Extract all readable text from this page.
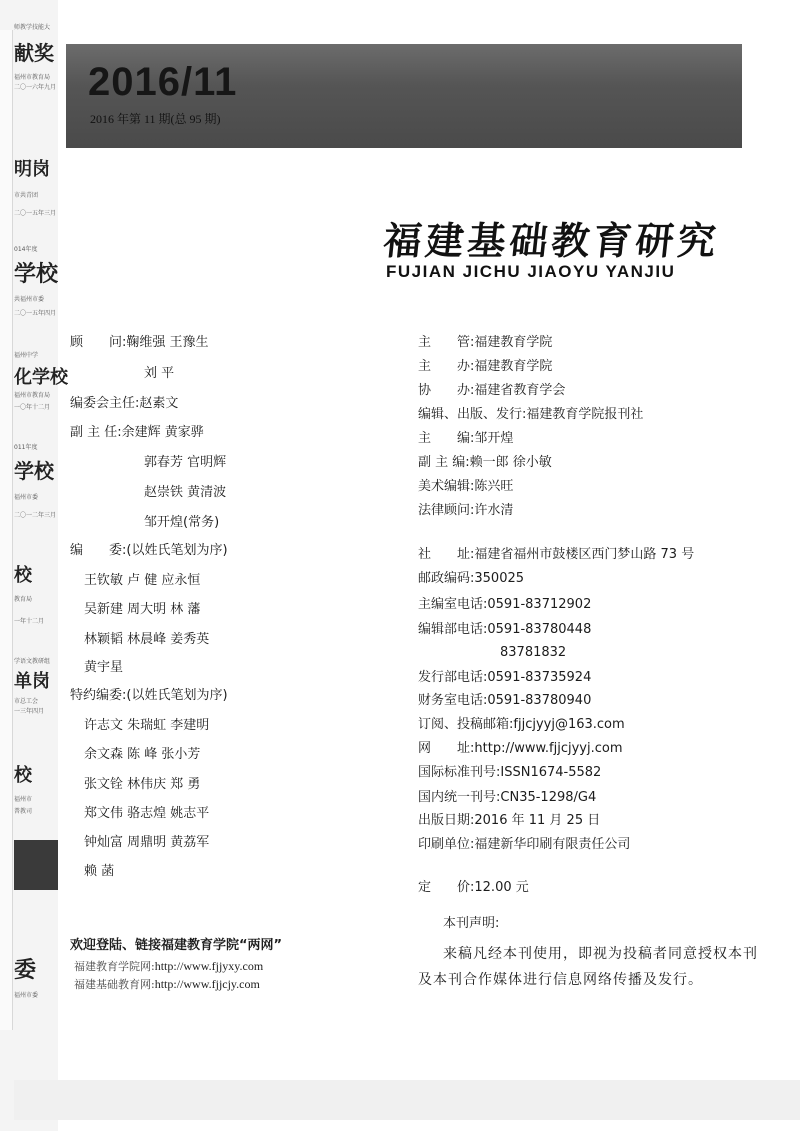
师教学技能大
献奖
福州市教育局
二〇一六年九月
明岗
市共青团
二〇一五年三月
014年度
学校
共福州市委
二〇一五年四月
福州中学
化学校
福州市教育局
一〇年十二月
011年度
学校
福州市委
二〇一二年三月
校
教育局
一年十二月
学语文教研组
单岗
市总工会
一三年四月
校
福州市
普教司
委
福州市委
2016/11
2016 年第 11 期(总 95 期)
福建基础教育研究
FUJIAN JICHU JIAOYU YANJIU
顾　　问:鞠维强 王豫生
刘 平
编委会主任:赵素文
副 主 任:余建辉 黄家骅
郭春芳 官明辉
赵崇铁 黄清波
邹开煌(常务)
编　　委:(以姓氏笔划为序)
王钦敏 卢 健 应永恒
吴新建 周大明 林 藩
林颖韬 林晨峰 姜秀英
黄宇星
特约编委:(以姓氏笔划为序)
许志文 朱瑞虹 李建明
余文森 陈 峰 张小芳
张文铨 林伟庆 郑 勇
郑文伟 骆志煌 姚志平
钟灿富 周鼎明 黄荔军
赖 菡
主　　管:福建教育学院
主　　办:福建教育学院
协　　办:福建省教育学会
编辑、出版、发行:福建教育学院报刊社
主　　编:邹开煌
副 主 编:赖一郎 徐小敏
美术编辑:陈兴旺
法律顾问:许水清
社　　址:福建省福州市鼓楼区西门梦山路 73 号
邮政编码:350025
主编室电话:0591-83712902
编辑部电话:0591-83780448
83781832
发行部电话:0591-83735924
财务室电话:0591-83780940
订阅、投稿邮箱:fjjcjyyj@163.com
网　　址:http://www.fjjcjyyj.com
国际标准刊号:ISSN1674-5582
国内统一刊号:CN35-1298/G4
出版日期:2016 年 11 月 25 日
印刷单位:福建新华印刷有限责任公司
定　　价:12.00 元
本刊声明:
来稿凡经本刊使用，即视为投稿者同意授权本刊
及本刊合作媒体进行信息网络传播及发行。
欢迎登陆、链接福建教育学院“两网”
福建教育学院网:http://www.fjjyxy.com
福建基础教育网:http://www.fjjcjy.com
